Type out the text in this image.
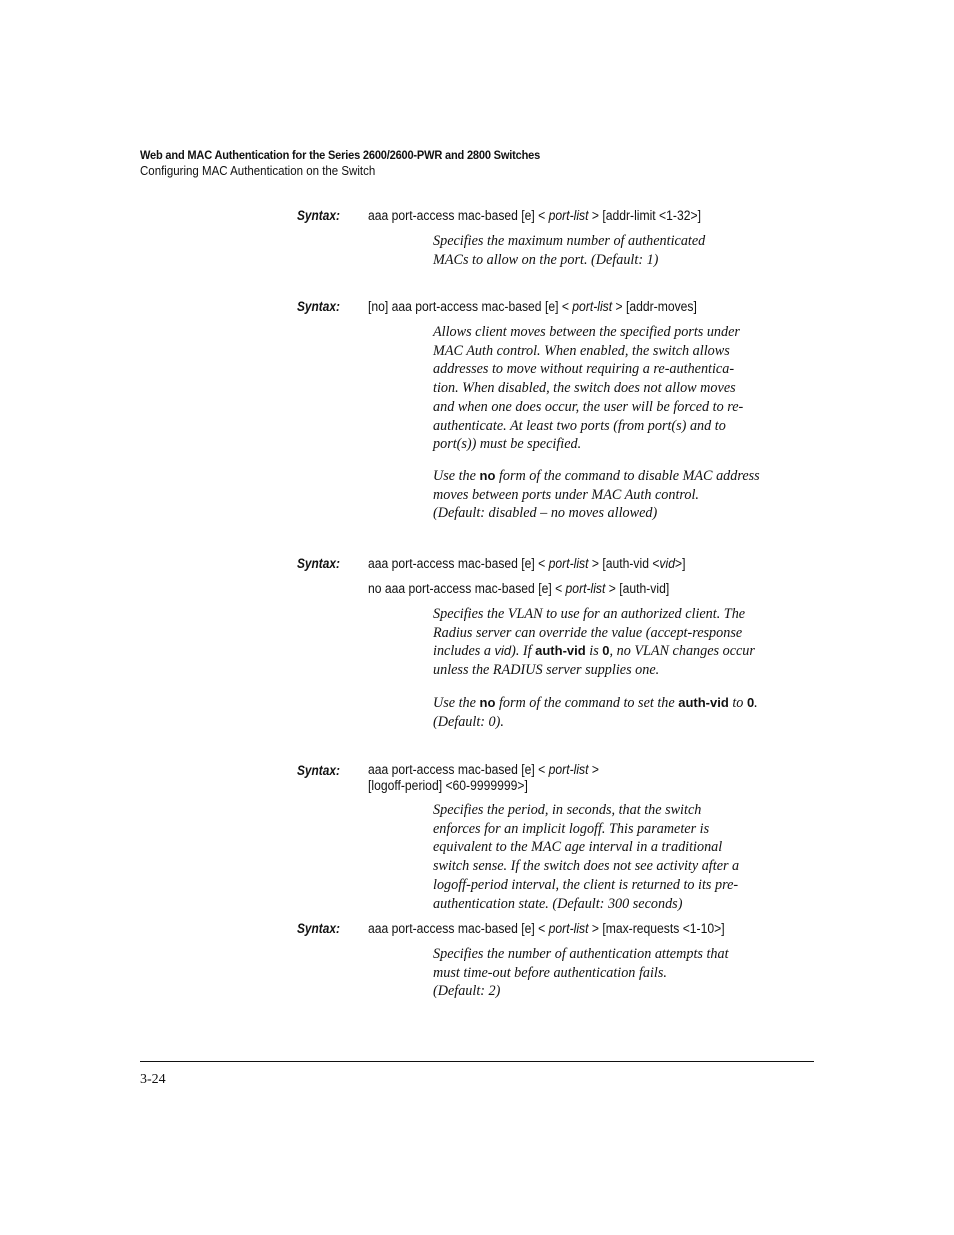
Web and MAC Authentication for the Series 2600/2600-PWR and 2800 Switches
Configuring MAC Authentication on the Switch
Syntax: aaa port-access mac-based [e] < port-list > [addr-limit <1-32>]
Specifies the maximum number of authenticated
MACs to allow on the port. (Default: 1)
Syntax: [no] aaa port-access mac-based [e] < port-list > [addr-moves]
Allows client moves between the specified ports under
MAC Auth control. When enabled, the switch allows
addresses to move without requiring a re-authentica-
tion. When disabled, the switch does not allow moves
and when one does occur, the user will be forced to re-
authenticate. At least two ports (from port(s) and to
port(s)) must be specified.
Use the no form of the command to disable MAC address
moves between ports under MAC Auth control.
(Default: disabled – no moves allowed)
Syntax: aaa port-access mac-based [e] < port-list > [auth-vid <vid>]
no aaa port-access mac-based [e] < port-list > [auth-vid]
Specifies the VLAN to use for an authorized client. The
Radius server can override the value (accept-response
includes a vid). If auth-vid is 0, no VLAN changes occur
unless the RADIUS server supplies one.
Use the no form of the command to set the auth-vid to 0.
(Default: 0).
Syntax: aaa port-access mac-based [e] < port-list >
[logoff-period] <60-9999999>]
Specifies the period, in seconds, that the switch
enforces for an implicit logoff. This parameter is
equivalent to the MAC age interval in a traditional
switch sense. If the switch does not see activity after a
logoff-period interval, the client is returned to its pre-
authentication state. (Default: 300 seconds)
Syntax: aaa port-access mac-based [e] < port-list > [max-requests <1-10>]
Specifies the number of authentication attempts that
must time-out before authentication fails.
(Default: 2)
3-24
